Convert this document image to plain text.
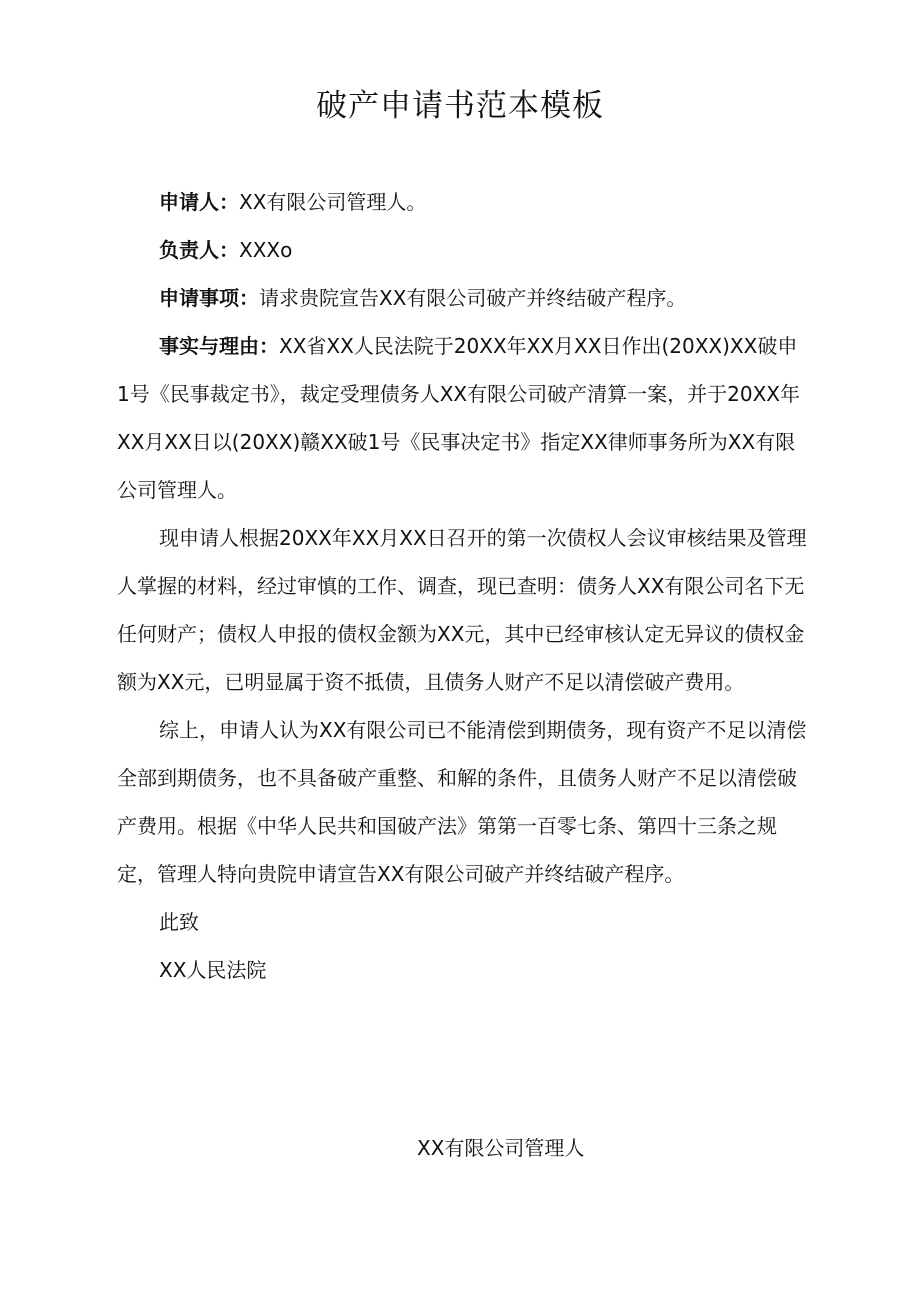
破产申请书范本模板

申请人：XX有限公司管理人。

负责人：XXXo

申请事项：请求贵院宣告XX有限公司破产并终结破产程序。

事实与理由：XX省XX人民法院于20XX年XX月XX日作出(20XX)XX破申1号《民事裁定书》，裁定受理债务人XX有限公司破产清算一案，并于20XX年XX月XX日以(20XX)赣XX破1号《民事决定书》指定XX律师事务所为XX有限公司管理人。

现申请人根据20XX年XX月XX日召开的第一次债权人会议审核结果及管理人掌握的材料，经过审慎的工作、调查，现已查明：债务人XX有限公司名下无任何财产；债权人申报的债权金额为XX元，其中已经审核认定无异议的债权金额为XX元，已明显属于资不抵债，且债务人财产不足以清偿破产费用。

综上，申请人认为XX有限公司已不能清偿到期债务，现有资产不足以清偿全部到期债务，也不具备破产重整、和解的条件，且债务人财产不足以清偿破产费用。根据《中华人民共和国破产法》第第一百零七条、第四十三条之规定，管理人特向贵院申请宣告XX有限公司破产并终结破产程序。

此致

XX人民法院

XX有限公司管理人
